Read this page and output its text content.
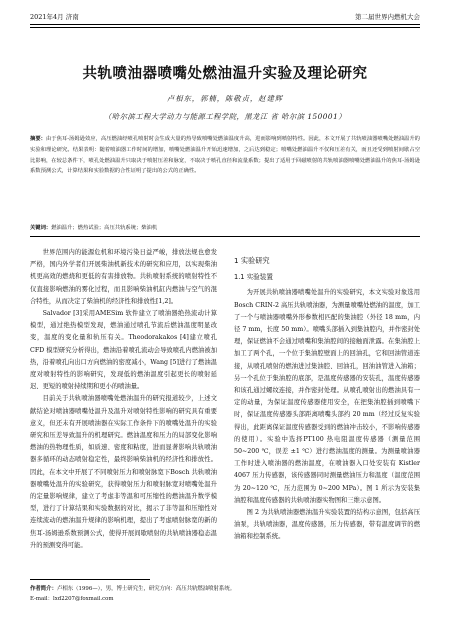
2021年4月 济南	第二届世界内燃机大会
共轨喷油器喷嘴处燃油温升实验及理论研究
卢相东，郭楠，陈敬贞，赵建辉
（哈尔滨工程大学动力与能源工程学院，黑龙江 省 哈尔滨 150001）
摘要：由于焦耳-汤姆逊效应，高压燃油经喷孔喷射时会生成大量的热导致喷嘴处燃油温度升高，进而影响到喷射特性。因此，本文开展了共轨喷油器喷嘴处燃油温升的实验和理论研究。结果表明：随着喷油器工作时间的增加，喷嘴处燃油温升开始迅速增加，之后达到稳定；喷嘴处燃油温升不仅和压差有关，而且还受到喷射间歇占空比影响，在较总条件下，喷孔处燃油温升只取决于喷射压差和脉宽，不取决于喷孔直径和流量系数；提出了适用于回磁喷射的共轨喷油器喷嘴处燃油温升的焦耳-汤姆逊系数预测公式，计算结果和实验数据的合性证明了提出的公式的正确性。
关键词：燃油温升；燃热试验；高压共轨系统；柴油机

世界范围内的能源危机和环境污染日益严峻，排放法规也愈发严格，国内外学者们开展柴油机新技术的研究和应用，以实现柴油机更高效的燃烧和更低的有害排放物。共轨喷射系统的喷射特性不仅直接影响燃油的雾化过程，而且影响柴油机缸内燃油与空气的混合特性，从而决定了柴油机的经济性和排放性[1,2]。

Salvador [3]采用AMESim 软件建立了喷油器绝热流动计算模型，通过绝热模型发现，燃油通过喷孔节流后燃油温度明显改变，温度的变化量和轨压有关。Theodorakakos [4]建立喷孔 CFD 模型研究分析得出，燃油沿着喷孔流动会导致喷孔内燃油被加热，沿着喷孔向出口方向燃油的密度减小，Wang [5]进行了燃油温度对喷射特性的影响研究，发现低的燃油温度引起更长的喷射延迟、更短的喷射持续期和更小的喷油量。

目前关于共轨喷油器喷嘴处燃油温升的研究报道较少，上述文献结论对喷油器喷嘴处温升及温升对喷射特性影响的研究具有重要意义，但还未有开展喷油器在实际工作条件下的喷嘴处温升的实验研究和压差导致温升的机理研究。燃油温度和压力的局部变化影响燃油的热物理性质，如质速、密度和粘度，进而显著影响共轨喷油器多循环的动态喷射稳定性，最终影响柴油机的经济性和排放性。因此，在本文中开展了不同喷射压力和喷射脉宽下Bosch 共轨喷油器喷嘴处温升的实验研究，获得喷射压力和喷射脉宽对喷嘴处温升的定量影响规律，建立了考虑非等温和可压缩性的燃油温升数学模型，进行了计算结果和实验数据的对比，揭示了非等温和压缩性对连续流动的燃油温升规律的影响机理，提出了考虑喷射脉宽的新的焦耳-汤姆逊系数预测公式，使得开展间歇喷射的共轨喷油器稳态温升的预测变得可能。

1 实验研究
1.1 实验装置

为开展共轨喷油器喷嘴处温升的实验研究，本文实验对象选用Bosch CRIN-2 高压共轨喷油器，为测量喷嘴处燃油的温度，加工了一个与喷油器喷嘴外形参数相匹配的集油腔（外径 18 mm，内径 7 mm，长度 50 mm）。喷嘴头部插入到集油腔内，并作密封处理，保证燃油不会通过喷嘴和集油腔间的接触面泄露。在集油腔上加工了两个孔，一个位于集油腔壁面上的回油孔，它和回油管道连接，从喷孔喷射的燃油进过集油腔、回油孔，回油油管进入油箱；另一个孔位于集油腔的底部，是温度传感器的安装孔，温度传感器和该孔通过螺纹连接，并作密封处理。从喷孔喷射出的燃油具有一定的动量，为保证温度传感器使用安全，在把集油腔插到喷嘴下时，保证温度传感器头部距离喷嘴头部约 20 mm（经过反复实验得出，此距离保证温度传感器受到的燃油冲击较小，不影响传感器的使用）。实验中选择PT100 热电阻温度传感器（测量范围 50~200 ℃，误差 ±1 ℃）进行燃油温度的测量。为测量喷油器工作时进入喷油器的燃油温度，在喷油器入口处安装有 Kistler 4067 压力传感器，该传感器同时测量燃油压力和温度（温度范围为 20~120 ℃，压力范围为 0~200 MPa）。图 1 所示为安装集油腔和温度传感器的共轨喷油器实物图和三维示意图。

图 2 为共轨喷油器燃油温升实验装置的结构示意图，包括高压油泵，共轨喷油器，温度传感器，压力传感器，带有温度调节的燃油箱和控制系统。

作者简介：卢相东（1996—），男，博士研究生，研究方向：高压共轨燃油喷射系统。
E-mail：lxd2207@foxmail.com
